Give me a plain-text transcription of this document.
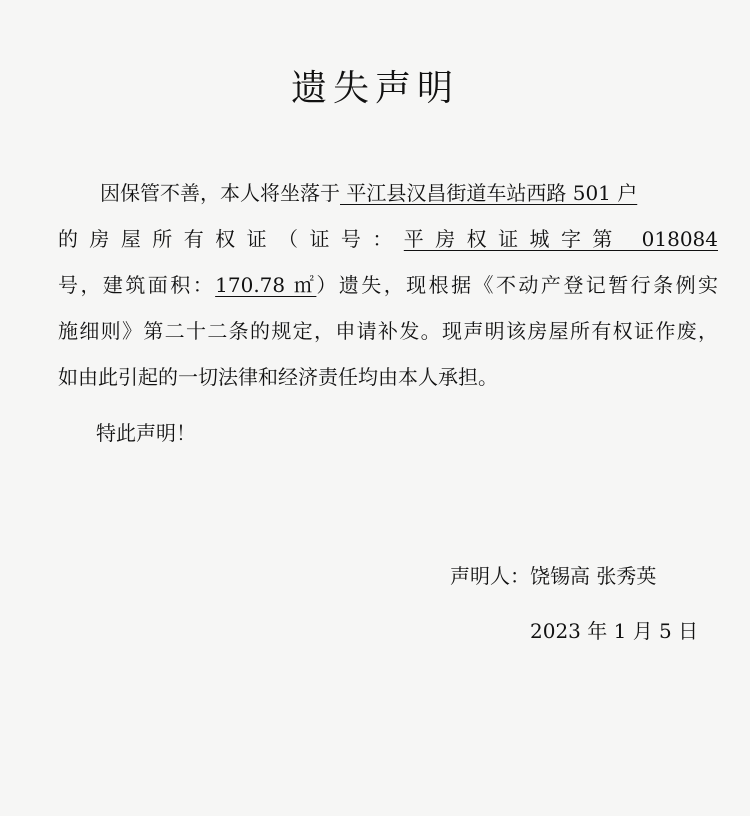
遗失声明
因保管不善，本人将坐落于 平江县汉昌街道车站西路 501 户
的房屋所有权证（证号：平房权证城字第 018084
号，建筑面积：170.78 ㎡）遗失，现根据《不动产登记暂行条例实
施细则》第二十二条的规定，申请补发。现声明该房屋所有权证作废，
如由此引起的一切法律和经济责任均由本人承担。
特此声明！
声明人：饶锡高 张秀英
2023 年 1 月 5 日
